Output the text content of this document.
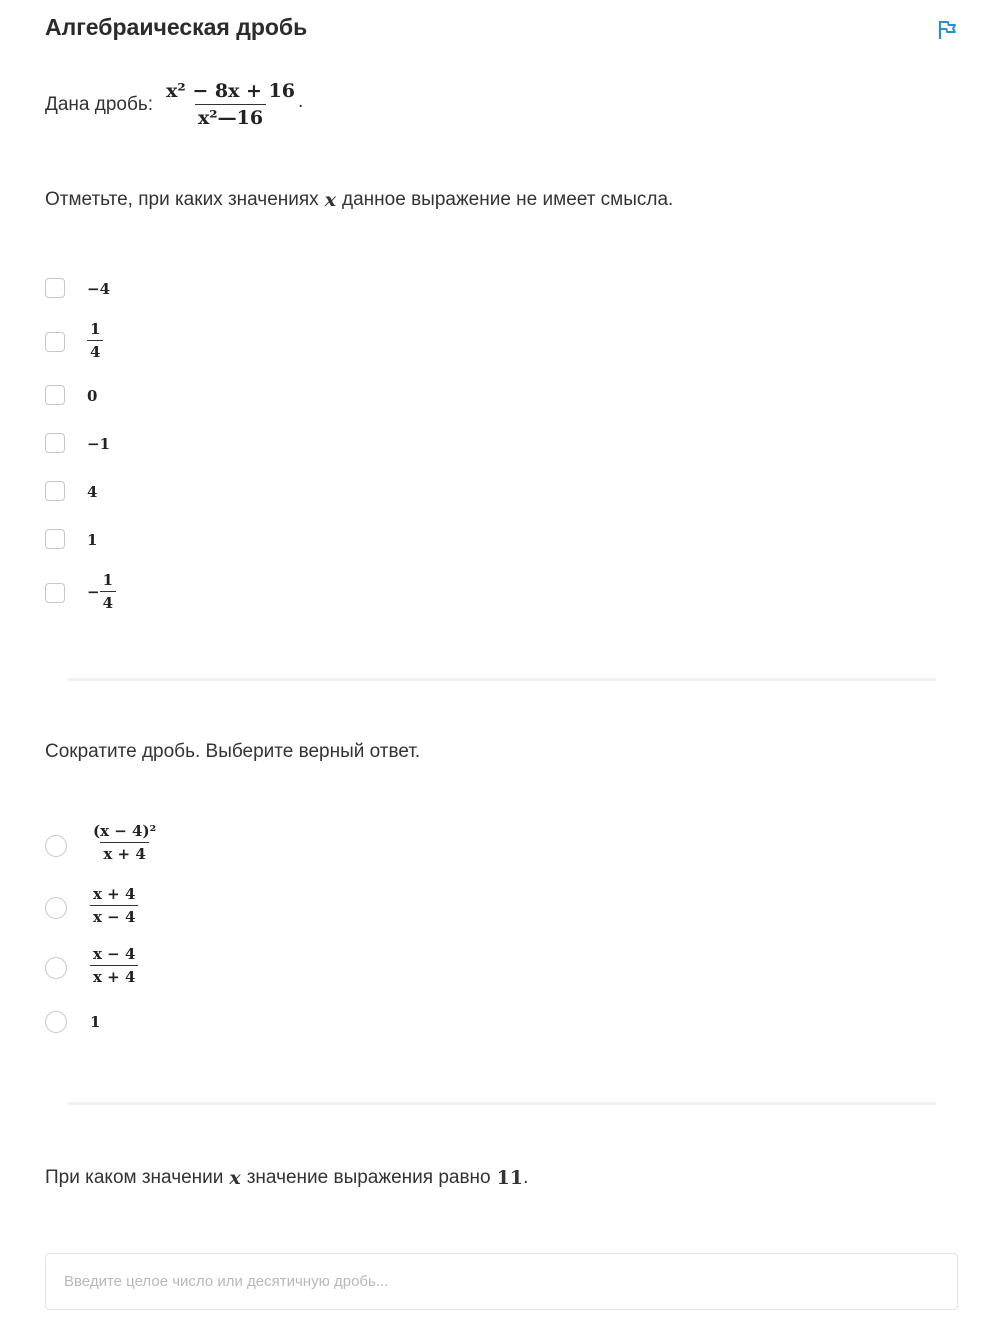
Алгебраическая дробь
Дана дробь: $\frac{\text{x² − 8x + 16}}{\text{x²—16}}$ .
Отметьте, при каких значениях x данное выражение не имеет смысла.
−4
$\frac{1}{4}$
0
−1
4
1
− $\frac{1}{4}$
Сократите дробь. Выберите верный ответ.
$\frac{\text{(x − 4)²}}{x + 4}$
$\frac{x + 4}{x - 4}$
$\frac{x - 4}{x + 4}$
1
При каком значении x значение выражения равно 11 .
Введите целое число или десятичную дробь...
